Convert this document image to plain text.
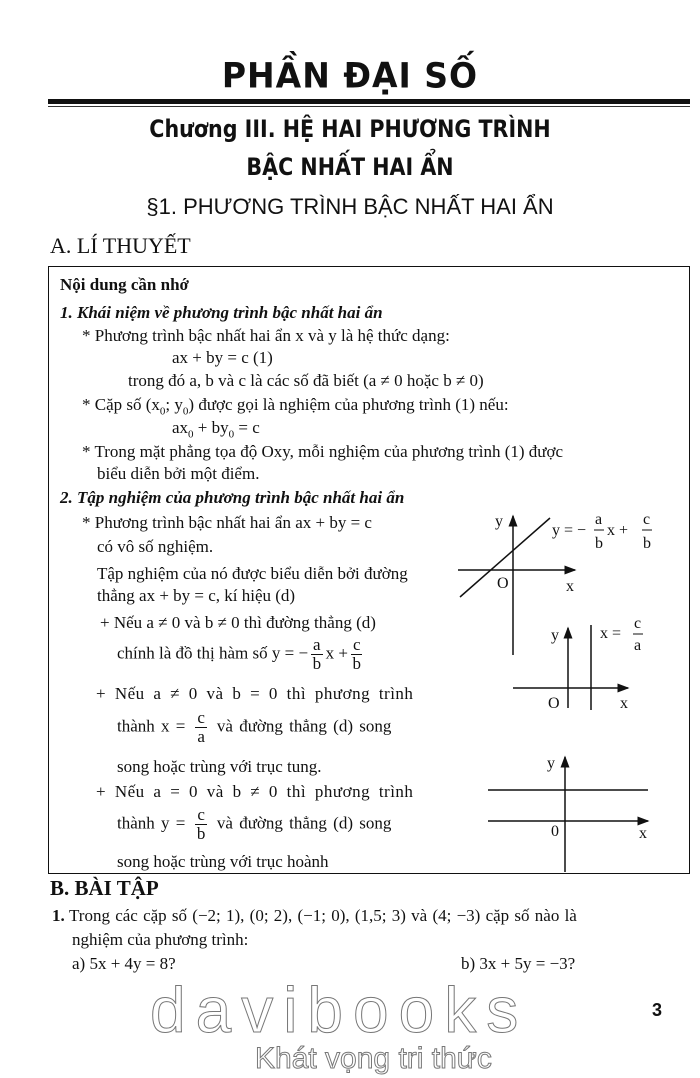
PHẦN ĐẠI SỐ
Chương III. HỆ HAI PHƯƠNG TRÌNH
BẬC NHẤT HAI ẨN
§1. PHƯƠNG TRÌNH BẬC NHẤT HAI ẨN
A. LÍ THUYẾT
Nội dung cần nhớ
1. Khái niệm về phương trình bậc nhất hai ẩn
* Phương trình bậc nhất hai ẩn x và y là hệ thức dạng:
ax + by = c (1)
trong đó a, b và c là các số đã biết (a ≠ 0 hoặc b ≠ 0)
* Cặp số ($x_0$; $y_0$) được gọi là nghiệm của phương trình (1) nếu:
$ax_0 + by_0 = c$
* Trong mặt phẳng tọa độ Oxy, mỗi nghiệm của phương trình (1) được
biểu diễn bởi một điểm.
2. Tập nghiệm của phương trình bậc nhất hai ẩn
* Phương trình bậc nhất hai ẩn ax + by = c
có vô số nghiệm.
Tập nghiệm của nó được biểu diễn bởi đường
thẳng ax + by = c, kí hiệu (d)
+ Nếu a ≠ 0 và b ≠ 0 thì đường thẳng (d)
chính là đồ thị hàm số y = − $\frac{a}{b}$ $x + \frac{c}{b}$
+ Nếu a ≠ 0 và b = 0 thì phương trình
thành $x = \frac{c}{a}$ và đường thẳng (d) song
song hoặc trùng với trục tung.
+ Nếu a = 0 và b ≠ 0 thì phương trình
thành $y = \frac{c}{b}$ và đường thẳng (d) song
song hoặc trùng với trục hoành
y
O	x
y = −
a
b
x +
c
b
y
O	x
x =
c
a
y
0	x
B. BÀI TẬP
1. Trong các cặp số (−2; 1), (0; 2), (−1; 0), (1,5; 3) và (4; −3) cặp số nào là
nghiệm của phương trình:
a) 5x + 4y = 8?	b) 3x + 5y = −3?
davibooks
Khát vọng tri thức
3
